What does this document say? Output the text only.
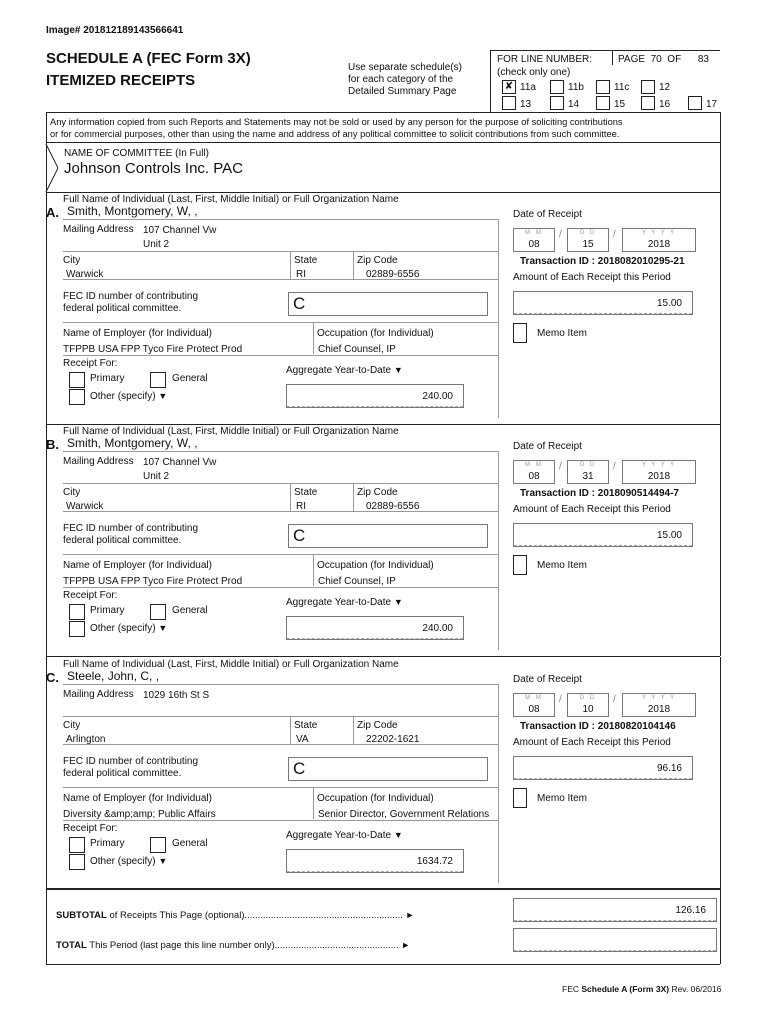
Image# 201812189143566641
SCHEDULE A (FEC Form 3X)
ITEMIZED RECEIPTS
Use separate schedule(s)
for each category of the
Detailed Summary Page
FOR LINE NUMBER:
(check only one)
PAGE 70 OF 83
✘ 11a	11b	11c	12
13	14	15	16	17
Any information copied from such Reports and Statements may not be sold or used by any person for the purpose of soliciting contributions
or for commercial purposes, other than using the name and address of any political committee to solicit contributions from such committee.
NAME OF COMMITTEE (In Full)
Johnson Controls Inc. PAC
Full Name of Individual (Last, First, Middle Initial) or Full Organization Name
A. Smith, Montgomery, W, ,
Mailing Address 107 Channel Vw
Unit 2
City
Warwick
State
RI
Zip Code
02889-6556
FEC ID number of contributing
federal political committee.	C
Name of Employer (for Individual)
TFPPB USA FPP Tyco Fire Protect Prod
Occupation (for Individual)
Chief Counsel, IP
Receipt For:
Primary	General
Other (specify) ▼
Aggregate Year-to-Date ▼
240.00
Date of Receipt
M M
08
/	D D
15
/	Y Y Y Y
2018
Transaction ID : 2018082010295-21
Amount of Each Receipt this Period
15.00
Memo Item
Full Name of Individual (Last, First, Middle Initial) or Full Organization Name
B. Smith, Montgomery, W, ,
Mailing Address 107 Channel Vw
Unit 2
City
Warwick
State
RI
Zip Code
02889-6556
FEC ID number of contributing
federal political committee.	C
Name of Employer (for Individual)
TFPPB USA FPP Tyco Fire Protect Prod
Occupation (for Individual)
Chief Counsel, IP
Receipt For:
Primary	General
Other (specify) ▼
Aggregate Year-to-Date ▼
240.00
Date of Receipt
M M
08
/	D D
31
/	Y Y Y Y
2018
Transaction ID : 2018090514494-7
Amount of Each Receipt this Period
15.00
Memo Item
Full Name of Individual (Last, First, Middle Initial) or Full Organization Name
C. Steele, John, C, ,
Mailing Address 1029 16th St S
City
Arlington
State
VA
Zip Code
22202-1621
FEC ID number of contributing
federal political committee.	C
Name of Employer (for Individual)
Diversity &amp;amp; Public Affairs
Occupation (for Individual)
Senior Director, Government Relations
Receipt For:
Primary	General
Other (specify) ▼
Aggregate Year-to-Date ▼
1634.72
Date of Receipt
M M
08
/	D D
10
/	Y Y Y Y
2018
Transaction ID : 20180820104146
Amount of Each Receipt this Period
96.16
Memo Item
SUBTOTAL of Receipts This Page (optional)............................................................ ►	126.16
TOTAL This Period (last page this line number only)............................................... ►
FEC Schedule A (Form 3X) Rev. 06/2016
